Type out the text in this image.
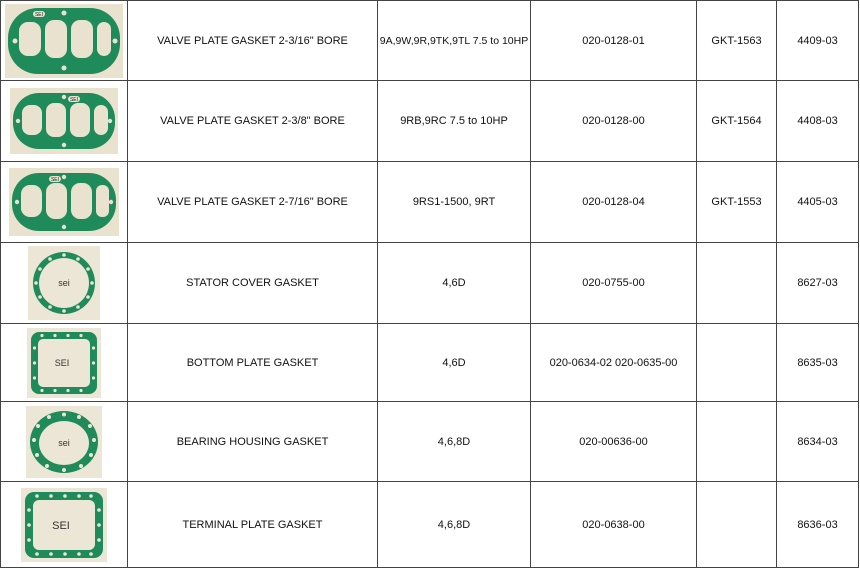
SEI	VALVE PLATE GASKET 2-3/16" BORE	9A,9W,9R,9TK,9TL 7.5 to 10HP	020-0128-01	GKT-1563	4409-03

SEI	VALVE PLATE GASKET 2-3/8" BORE	9RB,9RC 7.5 to 10HP	020-0128-00	GKT-1564	4408-03

SEI	VALVE PLATE GASKET 2-7/16" BORE	9RS1-1500, 9RT	020-0128-04	GKT-1553	4405-03

sei	STATOR COVER GASKET	4,6D	020-0755-00		8627-03

SEI	BOTTOM PLATE GASKET	4,6D	020-0634-02 020-0635-00		8635-03

sei	BEARING HOUSING GASKET	4,6,8D	020-00636-00		8634-03

SEI	TERMINAL PLATE GASKET	4,6,8D	020-0638-00		8636-03
